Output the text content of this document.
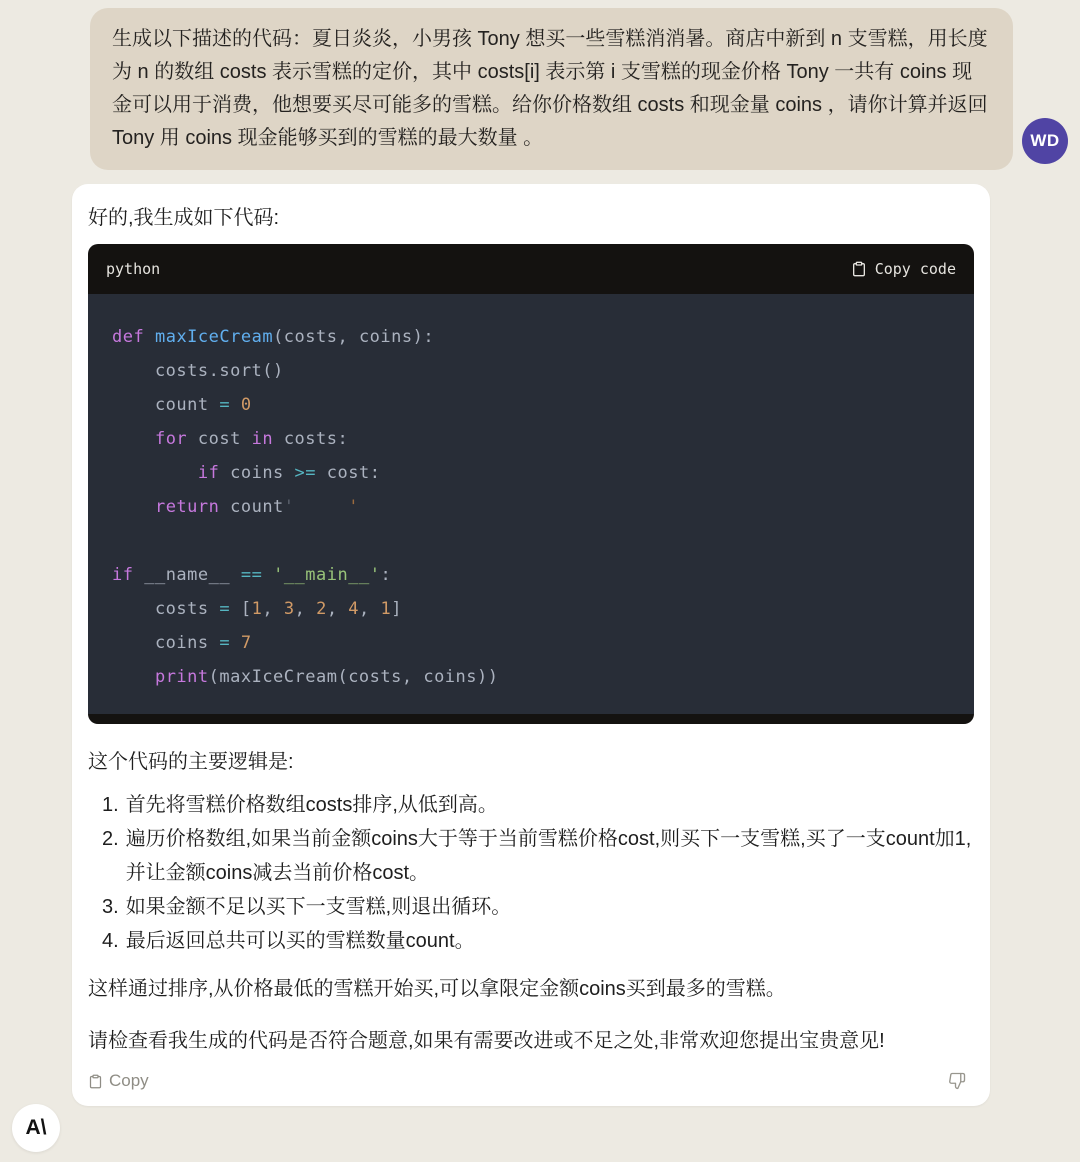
生成以下描述的代码：夏日炎炎，小男孩 Tony 想买一些雪糕消消暑。商店中新到 n 支雪糕，用长度为 n 的数组 costs 表示雪糕的定价，其中 costs[i] 表示第 i 支雪糕的现金价格 Tony 一共有 coins 现金可以用于消费，他想要买尽可能多的雪糕。给你价格数组 costs 和现金量 coins ，请你计算并返回 Tony 用 coins 现金能够买到的雪糕的最大数量 。	WD

好的,我生成如下代码:

python	Copy code
def maxIceCream(costs, coins):
costs.sort()
count = 0
for cost in costs:
if coins >= cost:
return count'	'

if __name__ == '__main__':
costs = [1, 3, 2, 4, 1]
coins = 7
print(maxIceCream(costs, coins))

这个代码的主要逻辑是:

1. 首先将雪糕价格数组costs排序,从低到高。
2. 遍历价格数组,如果当前金额coins大于等于当前雪糕价格cost,则买下一支雪糕,买了一支count加1,并让金额coins减去当前价格cost。
3. 如果金额不足以买下一支雪糕,则退出循环。
4. 最后返回总共可以买的雪糕数量count。

这样通过排序,从价格最低的雪糕开始买,可以拿限定金额coins买到最多的雪糕。

请检查看我生成的代码是否符合题意,如果有需要改进或不足之处,非常欢迎您提出宝贵意见!

Copy
A\
